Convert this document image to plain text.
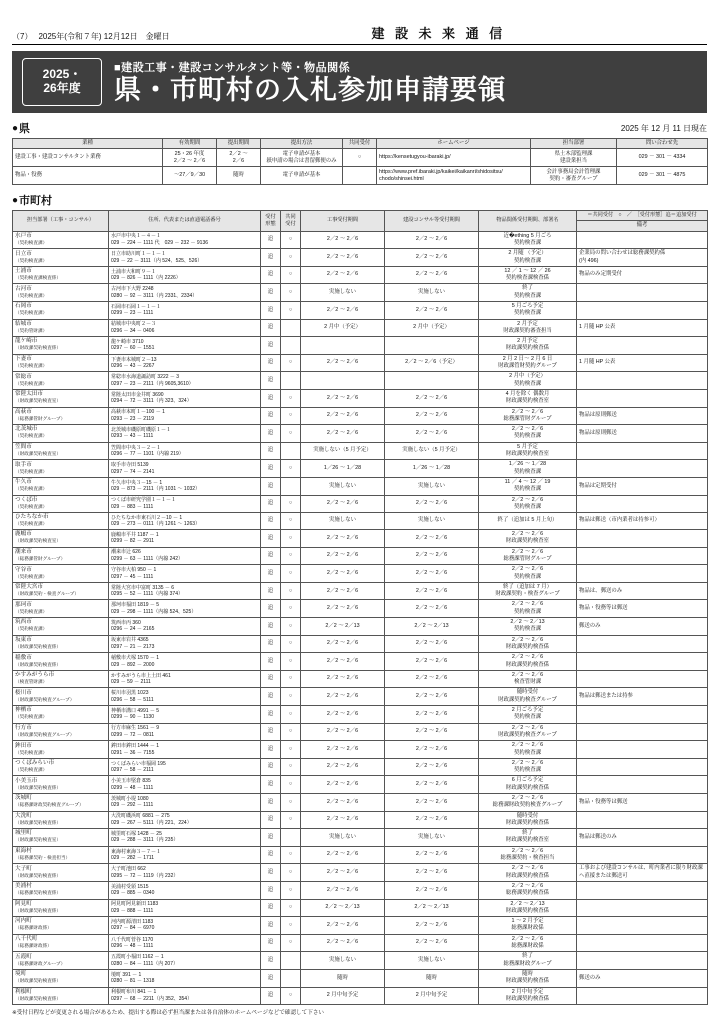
（7） 2025年(令和７年) 12月12日　金曜日	建 設 未 来 通 信
2025・
26年度
■建設工事・建設コンサルタント等・物品関係
県・市町村の入札参加申請要領
● 県	2025 年 12 月 11 日現在
業種	有効期間	提出期間	提出方法	共同受付	ホームページ	担当部署	問い合わせ先
建設工事・建設コンサルタント業務	25・26 年度
2／2 ～ 2／6	2／2 ～
2／6	電子申請が基本
紙申請の場合は書留郵便のみ	○	https://kensetugyou-ibaraki.jp/	県土木部監理課
建設業担当	029 － 301 － 4334
物品・役務	～27／9／30	随時	電子申請が基本		https://www.pref.ibaraki.jp/kaikei/kaikanri/shidositsu/
chodo/shinsei.html	会計事務局会計管理課
契約・審査グループ	029 － 301 － 4875
● 市町村
担当部署（工事・コンサル）	住所、代表または直通電話番号	受付
形態	共同
受付	工事受付期間	建設コンサル等受付期間	物品関係受付期間、部署名	＝共同受付　○　／　［受付形態］追＝追加受付
							備考
水戸市
（契約検査課）	水戸市中央１－４－１
029 － 224 － 1111 代　029 － 232 － 9136	追	○	2／2 ～ 2／6	2／2 ～ 2／6	近�ething 5 月ごろ
契約検査課	
日立市
（契約検査課）	日立市助川町１－１－１
029 － 22 － 3111（内 524、525、526）	追	○	2／2 ～ 2／6	2／2 ～ 2／6	2 月随 （予定）
契約検査課	企業局の問い合わせは総務課契約係
(内 496)
土浦市
（契約検査課検査係）	土浦市大和町９－１
029 － 826 － 1111（内 2226）	追	○	2／2 ～ 2／6	2／2 ～ 2／6	12 ／ 1 ～ 12 ／ 26
契約検査課検査係	物品のみ定期受付
古河市
（契約検査課）	古河市下大野 2248
0280 － 92 － 3111（内 2331、2334）	追	○	実施しない	実施しない	終了
契約検査課	
石岡市
（契約検査課）	石岡市石岡１－１－１
0299 － 23 － 1111	追	○	2／2 ～ 2／6	2／2 ～ 2／6	5 月ごろ予定
契約検査課	
結城市
（契約管財課）	結城市中央町２－３
0296 － 34 － 0406	追		2 月中（予定）	2 月中（予定）	2 月予定
財政課契約審査担当	1 月随 HP 公表
龍ケ崎市
（財政課契約検査係）	龍ケ崎市 3710
0297 － 60 － 1551	追				2 月予定
財政課契約検査係	
下妻市
（契約検査課）	下妻市本城町２－13
0296 － 43 － 2267	追	○	2／2 ～ 2／6	2／2 ～ 2／6（予定）	2 月 2 日～ 2 月 6 日
財政課管財契約グループ	1 月随 HP 公表
常総市
（契約検査課）	常総市水海道諏訪町 3222 － 3
0297 － 23 － 2111（内 9605,3610）	追				2 月中（予定）
契約検査課	
常陸太田市
（財政課契約検査室）	常陸太田市金井町 3690
0294 － 72 － 3111（内 323、324）	追	○	2／2 ～ 2／6	2／2 ～ 2／6	4 月を除く 偶数月
財政課契約検査室	
高萩市
（総務課管財グループ）	高萩市本町１－100 － 1
0293 － 23 － 2119	追	○	2／2 ～ 2／6	2／2 ～ 2／6	2／2 ～ 2／6
総務課管財グループ	物品は原則郵送
北茨城市
（契約検査課）	北茨城市磯原町磯原１－１
0293 － 43 － 1111	追	○	2／2 ～ 2／6	2／2 ～ 2／6	2／2 ～ 2／6
契約検査課	物品は原則郵送
笠間市
（財政課契約検査室）	笠間市中央３－２－１
0296 － 77 － 1101（内線 219）	追		実施しない（5 月予定）	実施しない（5 月予定）	5 月予定
財政課契約検査室	
取手市
（契約検査課）	取手市寺田 5139
0297 － 74 － 2141	追	○	1／26 ～ 1／28	1／26 ～ 1／28	1／26 ～ 1／28
契約検査課	
牛久市
（契約検査課）	牛久市中央３－15 － 1
029 － 873 － 2111（内 1031 ～ 1032）	追		実施しない	実施しない	11 ／ 4 ～ 12 ／ 19
契約検査課	物品は定期受付
つくば市
（契約検査課）	つくば市研究学園１－１－１
029 － 883 － 1111	追	○	2／2 ～ 2／6	2／2 ～ 2／6	2／2 ～ 2／6
契約検査課	
ひたちなか市
（契約検査課）	ひたちなか市東石川２－10 － 1
029 － 273 － 0111（内 1261 ～ 1263）	追	○	実施しない	実施しない	終了（追加は 5 月上旬）	物品は郵送（市内業者は持参可）
鹿嶋市
（財政課契約検査室）	鹿嶋市平井 1187 － 1
0299 － 82 － 2911	追	○	2／2 ～ 2／6	2／2 ～ 2／6	2／2 ～ 2／6
財政課契約検査室	
潮来市
（総務課管財グループ）	潮来市辻 626
0299 － 63 － 1111（内線 242）	追	○	2／2 ～ 2／6	2／2 ～ 2／6	2／2 ～ 2／6
総務課管財グループ	
守谷市
（契約検査課）	守谷市大柏 950 － 1
0297 － 45 － 1111	追	○	2／2 ～ 2／6	2／2 ～ 2／6	2／2 ～ 2／6
契約検査課	
常陸大宮市
（財政課契約・検査グループ）	常陸大宮市中富町 3135 － 6
0295 － 52 － 1111（内線 374）	追	○	2／2 ～ 2／6	2／2 ～ 2／6	終了（追加は 7 月）
財政課契約・検査グループ	物品は、郵送のみ
那珂市
（契約検査課）	那珂市福田 1819 － 5
029 － 298 － 1111（内線 524、525）	追	○	2／2 ～ 2／6	2／2 ～ 2／6	2／2 ～ 2／6
契約検査課	物品・役務等は郵送
筑西市
（契約検査課）	筑西市丙 360
0296 － 24 － 2165	追	○	2／2 ～ 2／13	2／2 ～ 2／13	2／2 ～ 2／13
契約検査課	郵送のみ
坂東市
（財政課契約検査係）	坂東市岩井 4365
0297 － 21 － 2173	追	○	2／2 ～ 2／6	2／2 ～ 2／6	2／2 ～ 2／6
財政課契約検査係	
稲敷市
（財政課契約検査係）	稲敷市犬塚 1570 － 1
029 － 892 － 2000	追	○	2／2 ～ 2／6	2／2 ～ 2／6	2／2 ～ 2／6
財政課契約検査係	
かすみがうら市
（検査管財課）	かすみがうら市上土田 461
029 － 59 － 2111	追	○	2／2 ～ 2／6	2／2 ～ 2／6	2／2 ～ 2／6
検査管財課	
桜川市
（財政課契約検査グループ）	桜川市羽黒 1023
0296 － 58 － 5111	追	○	2／2 ～ 2／6	2／2 ～ 2／6	随時受付
財政課契約検査グループ	物品は郵送または持参
神栖市
（契約検査課）	神栖市溝口 4991 － 5
0299 － 90 － 1130	追	○	2／2 ～ 2／6	2／2 ～ 2／6	2 月ごろ予定
契約検査課	
行方市
（財政課契約検査グループ）	行方市麻生 1561 － 9
0299 － 72 － 0811	追	○	2／2 ～ 2／6	2／2 ～ 2／6	2／2 ～ 2／6
財政課契約検査グループ	
鉾田市
（契約検査課）	鉾田市鉾田 1444 － 1
0291 － 36 － 7155	追	○	2／2 ～ 2／6	2／2 ～ 2／6	2／2 ～ 2／6
契約検査課	
つくばみらい市
（契約検査課）	つくばみらい市福岡 195
0297 － 58 － 2111	追	○	2／2 ～ 2／6	2／2 ～ 2／6	2／2 ～ 2／6
契約検査課	
小美玉市
（財政課契約検査係）	小美玉市堅倉 835
0299 － 48 － 1111	追	○	2／2 ～ 2／6	2／2 ～ 2／6	6 月ごろ予定
財政課契約検査係	
茨城町
（総務課財政契約検査グループ）	茨城町小堤 1080
029 － 292 － 1111	追	○	2／2 ～ 2／6	2／2 ～ 2／6	2／2 ～ 2／6
総務課財政契約検査グループ	物品・役務等は郵送
大洗町
（財政課契約検査係）	大洗町磯浜町 6881 － 275
029 － 267 － 5111（内 221、224）	追	○	2／2 ～ 2／6	2／2 ～ 2／6	随時受付
財政課契約検査係	
城里町
（財政課契約検査室）	城里町石塚 1428 － 25
029 － 288 － 3111（内 235）	追		実施しない	実施しない	終了
財政課契約検査室	物品は郵送のみ
東海村
（総務課契約・検査担当）	東海村東海３－７－１
029 － 282 － 1711	追	○	2／2 ～ 2／6	2／2 ～ 2／6	2／2 ～ 2／6
総務課契約・検査担当	
大子町
（財政課契約検査係）	大子町池田 662
0295 － 72 － 1119（内 232）	追	○	2／2 ～ 2／6	2／2 ～ 2／6	2／2 ～ 2／6
財政課契約検査係	工事および建設コンサルは、町内業者に限り財政課へ直接または郵送可
美浦村
（総務課契約検査係）	美浦村受領 1515
029 － 885 － 0340	追	○	2／2 ～ 2／6	2／2 ～ 2／6	2／2 ～ 2／6
総務課契約検査係	
阿見町
（財政課契約検査係）	阿見町阿見新田 1183
029 － 888 － 1111	追	○	2／2 ～ 2／13	2／2 ～ 2／13	2／2 ～ 2／13
財政課契約検査係	
河内町
（総務課財政係）	河内町源清田 1183
0297 － 84 － 6970	追	○	2／2 ～ 2／6	2／2 ～ 2／6	1 ～ 2 月予定
総務課財政係	
八千代町
（総務課財政係）	八千代町菅谷 1170
0296 － 48 － 1111	追	○	2／2 ～ 2／6	2／2 ～ 2／6	2／2 ～ 2／6
総務課財政係	
五霞町
（総務課財政グループ）	五霞町小福田 1162 － 1
0280 － 84 － 1111（内 207）	追		実施しない	実施しない	終了
総務課財政グループ	
境町
（財政課契約検査係）	境町 391 － 1
0280 － 81 － 1318	追		随時	随時	随時
財政課契約検査係	郵送のみ
利根町
（財政課契約検査係）	利根町布川 841 － 1
0297 － 68 － 2211（内 352、354）	追	○	2 月中旬予定	2 月中旬予定	2 月中旬予定
財政課契約検査係	
※受付日程などが変更される場合があるため、提出する際は必ず担当課または各自治体のホームページなどで確認して下さい
